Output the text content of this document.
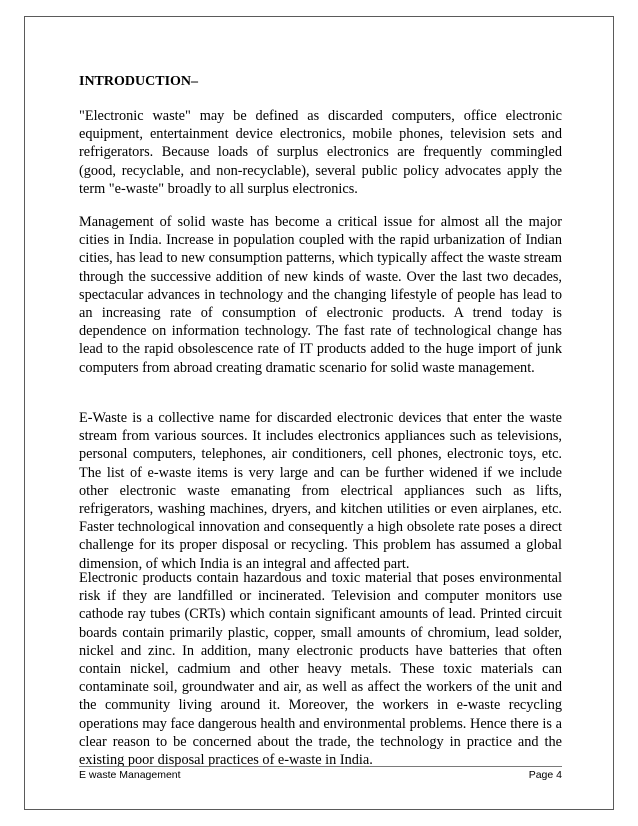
INTRODUCTION–

"Electronic waste" may be defined as discarded computers, office electronic equipment, entertainment device electronics, mobile phones, television sets and refrigerators. Because loads of surplus electronics are frequently commingled (good, recyclable, and non-recyclable), several public policy advocates apply the term "e-waste" broadly to all surplus electronics.

Management of solid waste has become a critical issue for almost all the major cities in India. Increase in population coupled with the rapid urbanization of Indian cities, has lead to new consumption patterns, which typically affect the waste stream through the successive addition of new kinds of waste. Over the last two decades, spectacular advances in technology and the changing lifestyle of people has lead to an increasing rate of consumption of electronic products. A trend today is dependence on information technology. The fast rate of technological change has lead to the rapid obsolescence rate of IT products added to the huge import of junk computers from abroad creating dramatic scenario for solid waste management.

E-Waste is a collective name for discarded electronic devices that enter the waste stream from various sources. It includes electronics appliances such as televisions, personal computers, telephones, air conditioners, cell phones, electronic toys, etc. The list of e-waste items is very large and can be further widened if we include other electronic waste emanating from electrical appliances such as lifts, refrigerators, washing machines, dryers, and kitchen utilities or even airplanes, etc. Faster technological innovation and consequently a high obsolete rate poses a direct challenge for its proper disposal or recycling. This problem has assumed a global dimension, of which India is an integral and affected part.

Electronic products contain hazardous and toxic material that poses environmental risk if they are landfilled or incinerated. Television and computer monitors use cathode ray tubes (CRTs) which contain significant amounts of lead. Printed circuit boards contain primarily plastic, copper, small amounts of chromium, lead solder, nickel and zinc. In addition, many electronic products have batteries that often contain nickel, cadmium and other heavy metals. These toxic materials can contaminate soil, groundwater and air, as well as affect the workers of the unit and the community living around it. Moreover, the workers in e-waste recycling operations may face dangerous health and environmental problems. Hence there is a clear reason to be concerned about the trade, the technology in practice and the existing poor disposal practices of e-waste in India.

E waste Management	Page 4
